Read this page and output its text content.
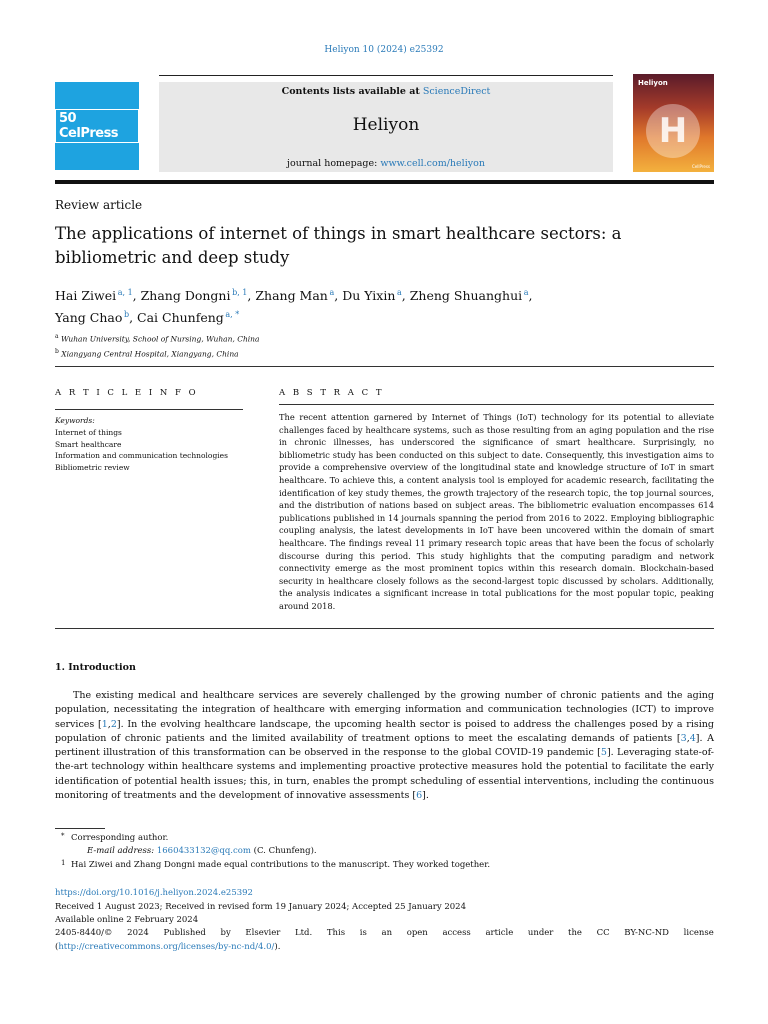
Heliyon 10 (2024) e25392
50 CelPress
Contents lists available at ScienceDirect
Heliyon
journal homepage: www.cell.com/heliyon
Heliyon
H
CellPress
Review article
The applications of internet of things in smart healthcare sectors: a bibliometric and deep study
Hai Ziwei $^{a, 1}$, Zhang Dongni $^{b, 1}$, Zhang Man $^a$, Du Yixin $^a$, Zheng Shuanghui $^a$,
Yang Chao $^b$, Cai Chunfeng $^{a, *}$
$^a$ Wuhan University, School of Nursing, Wuhan, China
$^b$ Xiangyang Central Hospital, Xiangyang, China
A R T I C L E I N F O	A B S T R A C T
Keywords:
Internet of things
Smart healthcare
Information and communication technologies
Bibliometric review
The recent attention garnered by Internet of Things (IoT) technology for its potential to alleviate challenges faced by healthcare systems, such as those resulting from an aging population and the rise in chronic illnesses, has underscored the significance of smart healthcare. Surprisingly, no bibliometric study has been conducted on this subject to date. Consequently, this investigation aims to provide a comprehensive overview of the longitudinal state and knowledge structure of IoT in smart healthcare. To achieve this, a content analysis tool is employed for academic research, facilitating the identification of key study themes, the growth trajectory of the research topic, the top journal sources, and the distribution of nations based on subject areas. The bibliometric evaluation encompasses 614 publications published in 14 journals spanning the period from 2016 to 2022. Employing bibliographic coupling analysis, the latest developments in IoT have been uncovered within the domain of smart healthcare. The findings reveal 11 primary research topic areas that have been the focus of scholarly discourse during this period. This study highlights that the computing paradigm and network connectivity emerge as the most prominent topics within this research domain. Blockchain-based security in healthcare closely follows as the second-largest topic discussed by scholars. Additionally, the analysis indicates a significant increase in total publications for the most popular topic, peaking around 2018.
1. Introduction
The existing medical and healthcare services are severely challenged by the growing number of chronic patients and the aging population, necessitating the integration of healthcare with emerging information and communication technologies (ICT) to improve services [1,2]. In the evolving healthcare landscape, the upcoming health sector is poised to address the challenges posed by a rising population of chronic patients and the limited availability of treatment options to meet the escalating demands of patients [3,4]. A pertinent illustration of this transformation can be observed in the response to the global COVID-19 pandemic [5]. Leveraging state-of-the-art technology within healthcare systems and implementing proactive protective measures hold the potential to facilitate the early identification of potential health issues; this, in turn, enables the prompt scheduling of essential interventions, including the continuous monitoring of treatments and the development of innovative assessments [6].
* Corresponding author.
E-mail address: 1660433132@qq.com (C. Chunfeng).
1 Hai Ziwei and Zhang Dongni made equal contributions to the manuscript. They worked together.
https://doi.org/10.1016/j.heliyon.2024.e25392
Received 1 August 2023; Received in revised form 19 January 2024; Accepted 25 January 2024
Available online 2 February 2024
2405-8440/© 2024 Published by Elsevier Ltd. This is an open access article under the CC BY-NC-ND license
(http://creativecommons.org/licenses/by-nc-nd/4.0/).
